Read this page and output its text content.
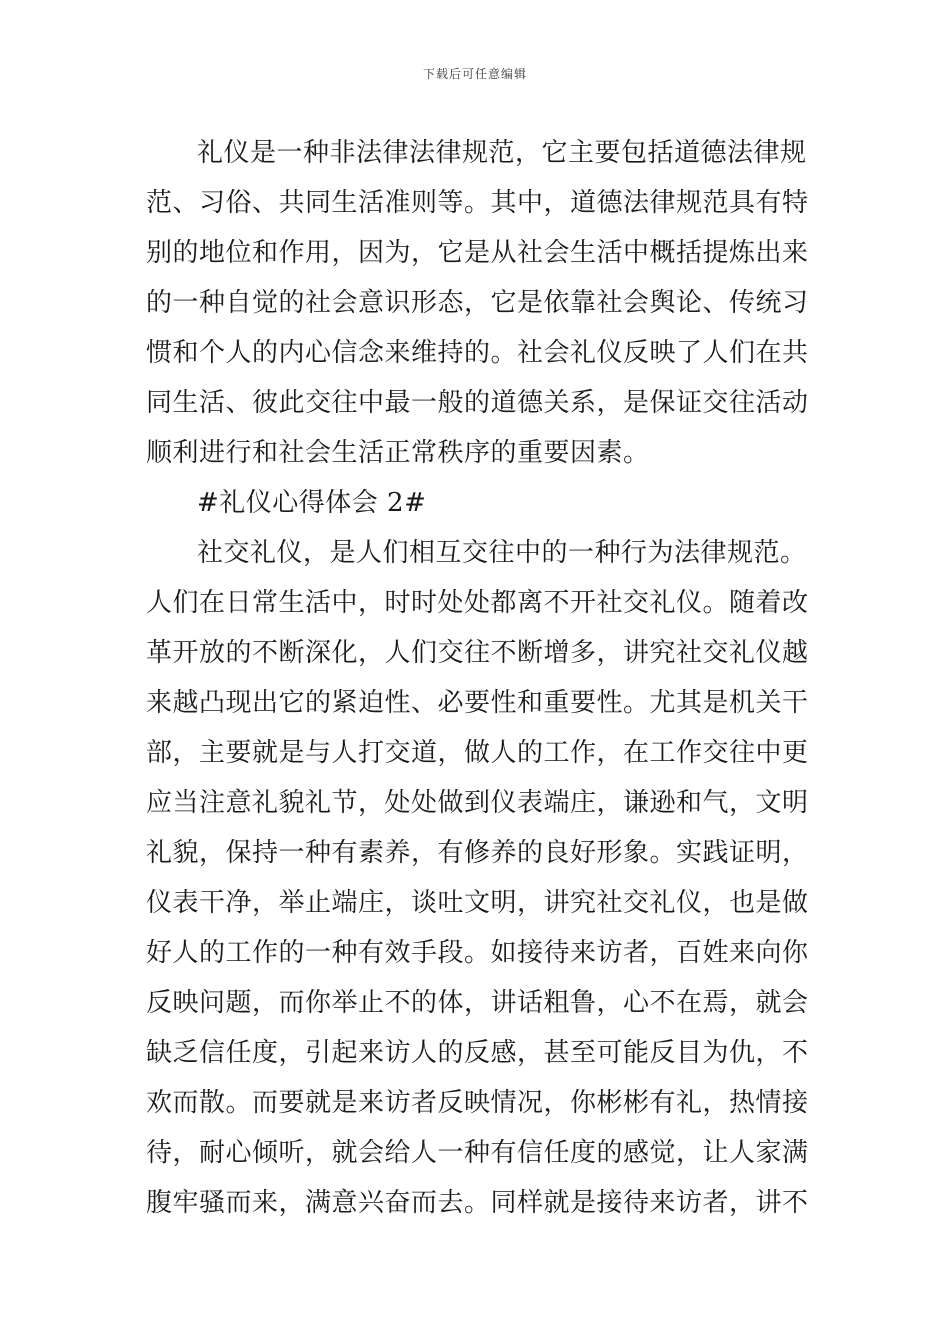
下载后可任意编辑
礼仪是一种非法律法律规范，它主要包括道德法律规
范、习俗、共同生活准则等。其中，道德法律规范具有特
别的地位和作用，因为，它是从社会生活中概括提炼出来
的一种自觉的社会意识形态，它是依靠社会舆论、传统习
惯和个人的内心信念来维持的。社会礼仪反映了人们在共
同生活、彼此交往中最一般的道德关系，是保证交往活动
顺利进行和社会生活正常秩序的重要因素。
#礼仪心得体会 2#
社交礼仪，是人们相互交往中的一种行为法律规范。
人们在日常生活中，时时处处都离不开社交礼仪。随着改
革开放的不断深化，人们交往不断增多，讲究社交礼仪越
来越凸现出它的紧迫性、必要性和重要性。尤其是机关干
部，主要就是与人打交道，做人的工作，在工作交往中更
应当注意礼貌礼节，处处做到仪表端庄，谦逊和气，文明
礼貌，保持一种有素养，有修养的良好形象。实践证明，
仪表干净，举止端庄，谈吐文明，讲究社交礼仪，也是做
好人的工作的一种有效手段。如接待来访者，百姓来向你
反映问题，而你举止不的体，讲话粗鲁，心不在焉，就会
缺乏信任度，引起来访人的反感，甚至可能反目为仇，不
欢而散。而要就是来访者反映情况，你彬彬有礼，热情接
待，耐心倾听，就会给人一种有信任度的感觉，让人家满
腹牢骚而来，满意兴奋而去。同样就是接待来访者，讲不
